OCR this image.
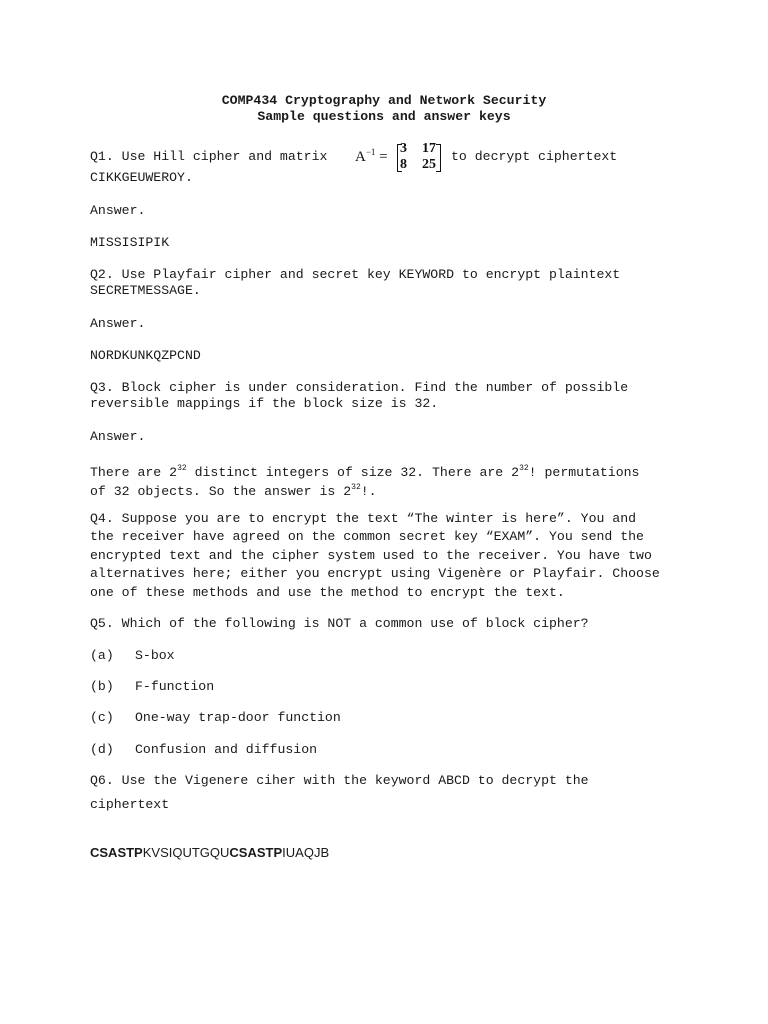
COMP434 Cryptography and Network Security
Sample questions and answer keys
Q1. Use Hill cipher and matrix $A^{-1}$ =
3 17
8 25
to decrypt ciphertext
CIKKGEUWEROY.
Answer.
MISSISIPIK
Q2. Use Playfair cipher and secret key KEYWORD to encrypt plaintext
SECRETMESSAGE.
Answer.
NORDKUNKQZPCND
Q3. Block cipher is under consideration. Find the number of possible
reversible mappings if the block size is 32.
Answer.
There are $2^{32}$ distinct integers of size 32. There are $2^{32}$! permutations
of 32 objects. So the answer is $2^{32}$!.
Q4. Suppose you are to encrypt the text “The winter is here”. You and
the receiver have agreed on the common secret key “EXAM”. You send the
encrypted text and the cipher system used to the receiver. You have two
alternatives here; either you encrypt using Vigenère or Playfair. Choose
one of these methods and use the method to encrypt the text.
Q5. Which of the following is NOT a common use of block cipher?
(a) S-box
(b) F-function
(c) One-way trap-door function
(d) Confusion and diffusion
Q6. Use the Vigenere ciher with the keyword ABCD to decrypt the
ciphertext
CSASTPKVSIQUTGQUCSASTPIUAQJB
